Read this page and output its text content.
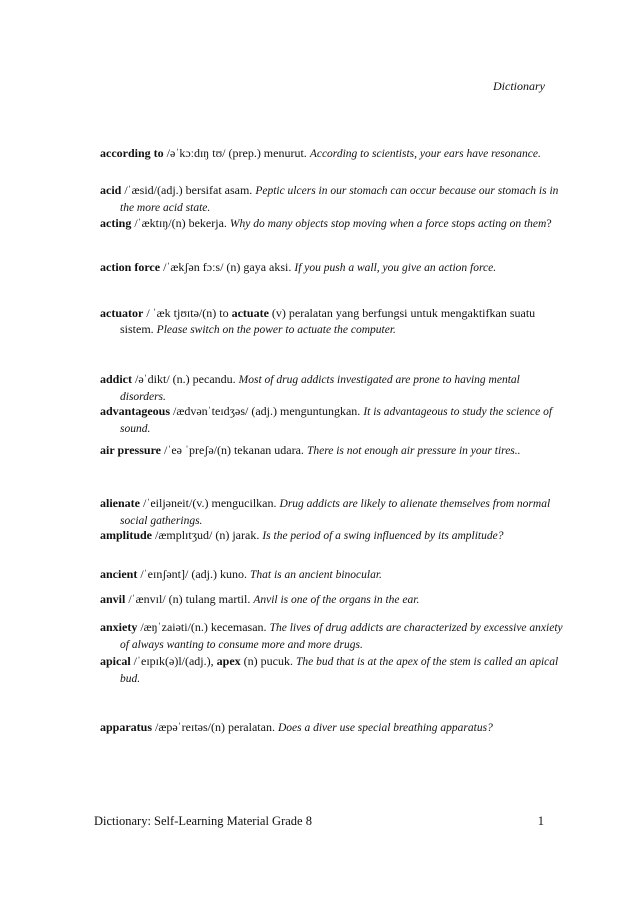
Dictionary
according to /əˈkɔːdɪŋ tʊ/ (prep.) menurut. According to scientists, your ears have resonance.
acid /ˈæsid/(adj.) bersifat asam. Peptic ulcers in our stomach can occur because our stomach is in the more acid state.
acting /ˈæktɪŋ/(n) bekerja. Why do many objects stop moving when a force stops acting on them?
action force /ˈækʃən fɔːs/ (n) gaya aksi. If you push a wall, you give an action force.
actuator / ˈæk tjʊɪtə/(n) to actuate (v) peralatan yang berfungsi untuk mengaktifkan suatu sistem. Please switch on the power to actuate the computer.
addict /əˈdikt/ (n.) pecandu. Most of drug addicts investigated are prone to having mental disorders.
advantageous /ædvənˈteɪdʒəs/ (adj.) menguntungkan. It is advantageous to study the science of sound.
air pressure /ˈeə ˈpreʃə/(n) tekanan udara. There is not enough air pressure in your tires..
alienate /ˈeiljəneit/(v.) mengucilkan. Drug addicts are likely to alienate themselves from normal social gatherings.
amplitude /æmplɪtʒud/ (n) jarak. Is the period of a swing influenced by its amplitude?
ancient /ˈeɪnʃənt]/ (adj.) kuno. That is an ancient binocular.
anvil /ˈænvɪl/ (n) tulang martil. Anvil is one of the organs in the ear.
anxiety /æŋˈzaiəti/(n.) kecemasan. The lives of drug addicts are characterized by excessive anxiety of always wanting to consume more and more drugs.
apical /ˈeɪpɪk(ə)l/(adj.), apex (n) pucuk. The bud that is at the apex of the stem is called an apical bud.
apparatus /æpəˈreɪtəs/(n) peralatan. Does a diver use special breathing apparatus?
Dictionary: Self-Learning Material Grade 8	1
